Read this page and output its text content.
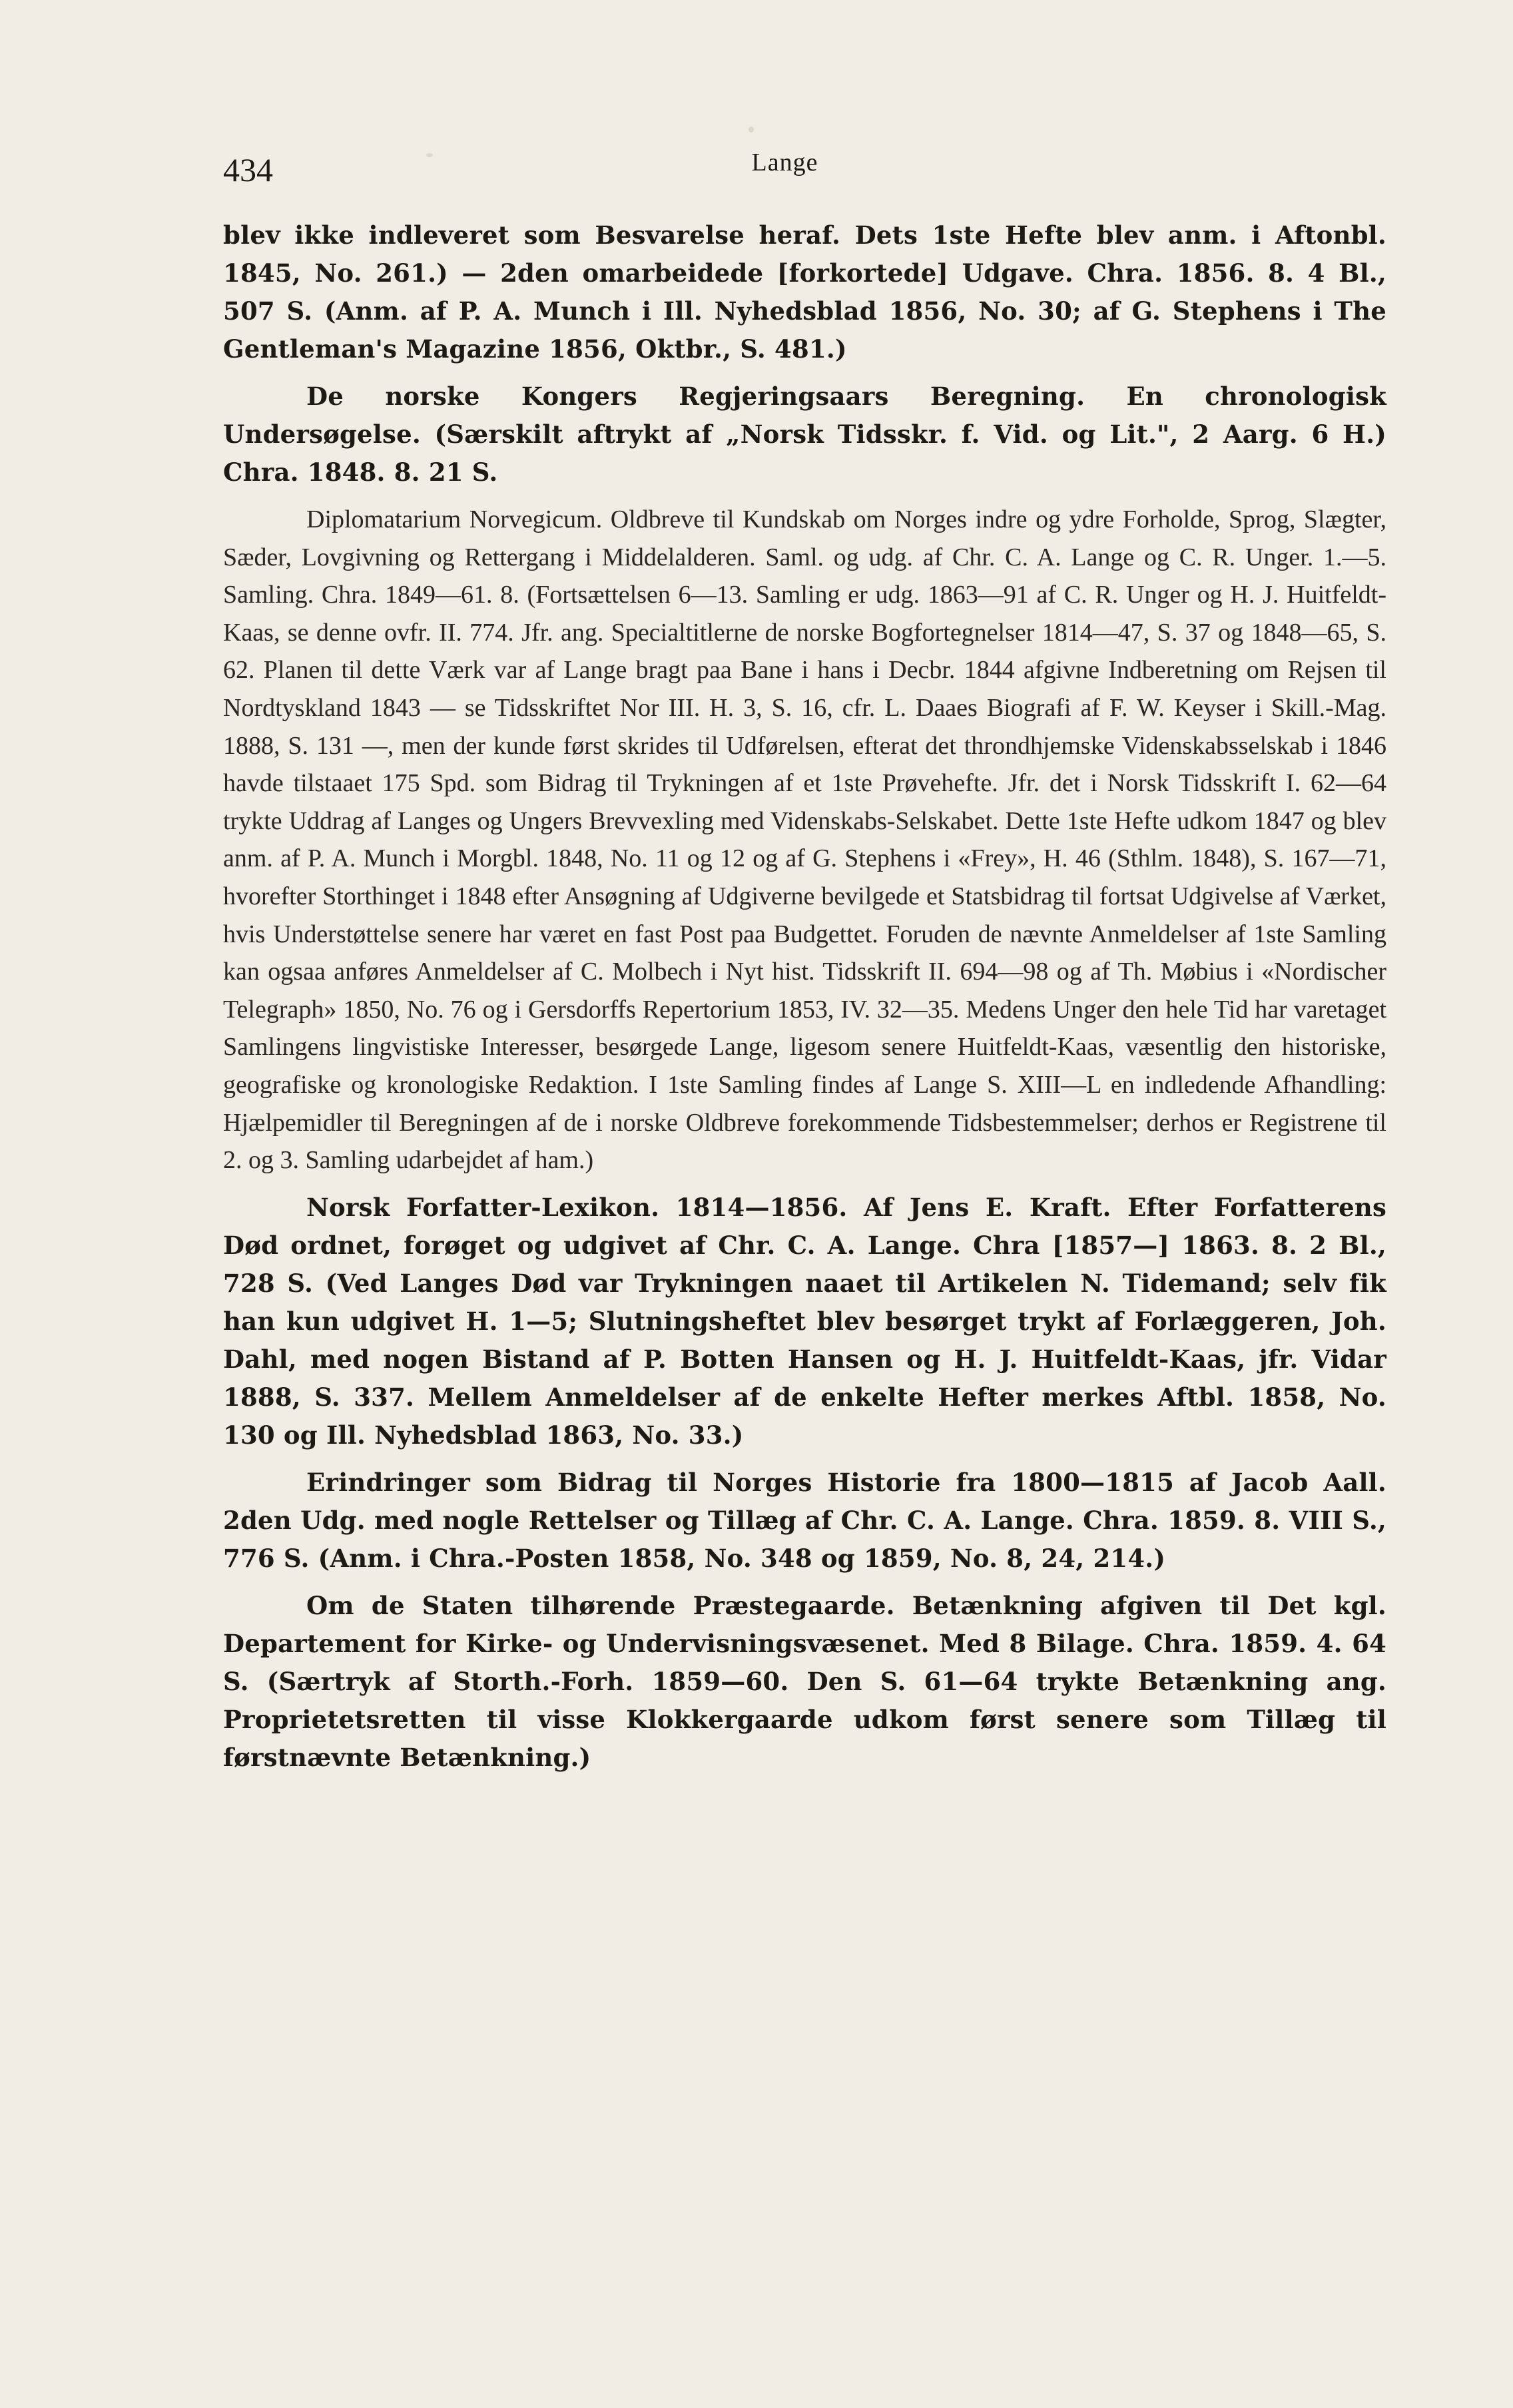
434	Lange

blev ikke indleveret som Besvarelse heraf. Dets 1ste Hefte blev anm. i Aftonbl. 1845, No. 261.) — 2den omarbeidede [forkortede] Udgave. Chra. 1856. 8. 4 Bl., 507 S. (Anm. af P. A. Munch i Ill. Nyhedsblad 1856, No. 30; af G. Stephens i The Gentleman's Magazine 1856, Oktbr., S. 481.)

De norske Kongers Regjeringsaars Beregning. En chronologisk Undersøgelse. (Særskilt aftrykt af „Norsk Tidsskr. f. Vid. og Lit.", 2 Aarg. 6 H.) Chra. 1848. 8. 21 S.

Diplomatarium Norvegicum. Oldbreve til Kundskab om Norges indre og ydre Forholde, Sprog, Slægter, Sæder, Lovgivning og Rettergang i Middelalderen. Saml. og udg. af Chr. C. A. Lange og C. R. Unger. 1.—5. Samling. Chra. 1849—61. 8. (Fortsættelsen 6—13. Samling er udg. 1863—91 af C. R. Unger og H. J. Huitfeldt-Kaas, se denne ovfr. II. 774. Jfr. ang. Specialtitlerne de norske Bogfortegnelser 1814—47, S. 37 og 1848—65, S. 62. Planen til dette Værk var af Lange bragt paa Bane i hans i Decbr. 1844 afgivne Indberetning om Rejsen til Nordtyskland 1843 — se Tidsskriftet Nor III. H. 3, S. 16, cfr. L. Daaes Biografi af F. W. Keyser i Skill.-Mag. 1888, S. 131 —, men der kunde først skrides til Udførelsen, efterat det throndhjemske Videnskabsselskab i 1846 havde tilstaaet 175 Spd. som Bidrag til Trykningen af et 1ste Prøvehefte. Jfr. det i Norsk Tidsskrift I. 62—64 trykte Uddrag af Langes og Ungers Brevvexling med Videnskabs-Selskabet. Dette 1ste Hefte udkom 1847 og blev anm. af P. A. Munch i Morgbl. 1848, No. 11 og 12 og af G. Stephens i «Frey», H. 46 (Sthlm. 1848), S. 167—71, hvorefter Storthinget i 1848 efter Ansøgning af Udgiverne bevilgede et Statsbidrag til fortsat Udgivelse af Værket, hvis Understøttelse senere har været en fast Post paa Budgettet. Foruden de nævnte Anmeldelser af 1ste Samling kan ogsaa anføres Anmeldelser af C. Molbech i Nyt hist. Tidsskrift II. 694—98 og af Th. Møbius i «Nordischer Telegraph» 1850, No. 76 og i Gersdorffs Repertorium 1853, IV. 32—35. Medens Unger den hele Tid har varetaget Samlingens lingvistiske Interesser, besørgede Lange, ligesom senere Huitfeldt-Kaas, væsentlig den historiske, geografiske og kronologiske Redaktion. I 1ste Samling findes af Lange S. XIII—L en indledende Afhandling: Hjælpemidler til Beregningen af de i norske Oldbreve forekommende Tidsbestemmelser; derhos er Registrene til 2. og 3. Samling udarbejdet af ham.)

Norsk Forfatter-Lexikon. 1814—1856. Af Jens E. Kraft. Efter Forfatterens Død ordnet, forøget og udgivet af Chr. C. A. Lange. Chra [1857—] 1863. 8. 2 Bl., 728 S. (Ved Langes Død var Trykningen naaet til Artikelen N. Tidemand; selv fik han kun udgivet H. 1—5; Slutningsheftet blev besørget trykt af Forlæggeren, Joh. Dahl, med nogen Bistand af P. Botten Hansen og H. J. Huitfeldt-Kaas, jfr. Vidar 1888, S. 337. Mellem Anmeldelser af de enkelte Hefter merkes Aftbl. 1858, No. 130 og Ill. Nyhedsblad 1863, No. 33.)

Erindringer som Bidrag til Norges Historie fra 1800—1815 af Jacob Aall. 2den Udg. med nogle Rettelser og Tillæg af Chr. C. A. Lange. Chra. 1859. 8. VIII S., 776 S. (Anm. i Chra.-Posten 1858, No. 348 og 1859, No. 8, 24, 214.)

Om de Staten tilhørende Præstegaarde. Betænkning afgiven til Det kgl. Departement for Kirke- og Undervisningsvæsenet. Med 8 Bilage. Chra. 1859. 4. 64 S. (Særtryk af Storth.-Forh. 1859—60. Den S. 61—64 trykte Betænkning ang. Proprietetsretten til visse Klokkergaarde udkom først senere som Tillæg til førstnævnte Betænkning.)
